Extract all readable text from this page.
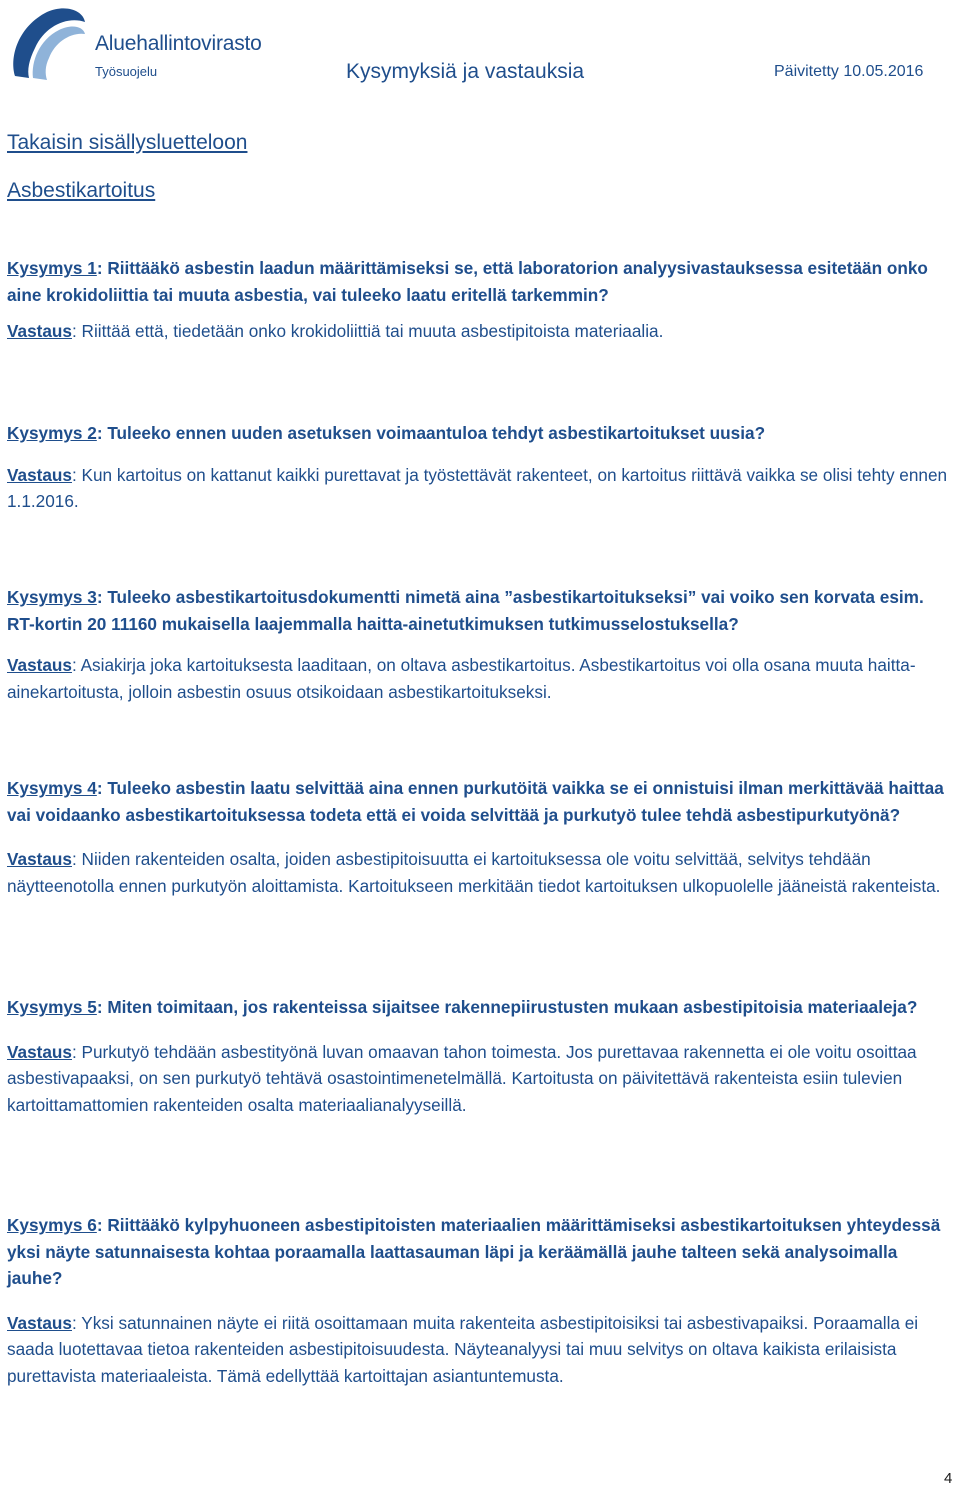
Aluehallintovirasto
Työsuojelu	Kysymyksiä ja vastauksia	Päivitetty 10.05.2016
Takaisin sisällysluetteloon
Asbestikartoitus

Kysymys 1: Riittääkö asbestin laadun määrittämiseksi se, että laboratorion analyysivastauksessa esitetään onko aine krokidoliittia tai muuta asbestia, vai tuleeko laatu eritellä tarkemmin?

Vastaus: Riittää että, tiedetään onko krokidoliittiä tai muuta asbestipitoista materiaalia.

Kysymys 2: Tuleeko ennen uuden asetuksen voimaantuloa tehdyt asbestikartoitukset uusia?

Vastaus: Kun kartoitus on kattanut kaikki purettavat ja työstettävät rakenteet, on kartoitus riittävä vaikka se olisi tehty ennen 1.1.2016.

Kysymys 3: Tuleeko asbestikartoitusdokumentti nimetä aina ”asbestikartoitukseksi” vai voiko sen korvata esim. RT-kortin 20 11160 mukaisella laajemmalla haitta-ainetutkimuksen tutkimusselostuksella?

Vastaus: Asiakirja joka kartoituksesta laaditaan, on oltava asbestikartoitus. Asbestikartoitus voi olla osana muuta haitta-ainekartoitusta, jolloin asbestin osuus otsikoidaan asbestikartoitukseksi.

Kysymys 4: Tuleeko asbestin laatu selvittää aina ennen purkutöitä vaikka se ei onnistuisi ilman merkittävää haittaa vai voidaanko asbestikartoituksessa todeta että ei voida selvittää ja purkutyö tulee tehdä asbestipurkutyönä?

Vastaus: Niiden rakenteiden osalta, joiden asbestipitoisuutta ei kartoituksessa ole voitu selvittää, selvitys tehdään näytteenotolla ennen purkutyön aloittamista. Kartoitukseen merkitään tiedot kartoituksen ulkopuolelle jääneistä rakenteista.

Kysymys 5: Miten toimitaan, jos rakenteissa sijaitsee rakennepiirustusten mukaan asbestipitoisia materiaaleja?

Vastaus: Purkutyö tehdään asbestityönä luvan omaavan tahon toimesta. Jos purettavaa rakennetta ei ole voitu osoittaa asbestivapaaksi, on sen purkutyö tehtävä osastointimenetelmällä. Kartoitusta on päivitettävä rakenteista esiin tulevien kartoittamattomien rakenteiden osalta materiaalianalyyseillä.

Kysymys 6: Riittääkö kylpyhuoneen asbestipitoisten materiaalien määrittämiseksi asbestikartoituksen yhteydessä yksi näyte satunnaisesta kohtaa poraamalla laattasauman läpi ja keräämällä jauhe talteen sekä analysoimalla jauhe?

Vastaus: Yksi satunnainen näyte ei riitä osoittamaan muita rakenteita asbestipitoisiksi tai asbestivapaiksi. Poraamalla ei saada luotettavaa tietoa rakenteiden asbestipitoisuudesta. Näyteanalyysi tai muu selvitys on oltava kaikista erilaisista purettavista materiaaleista. Tämä edellyttää kartoittajan asiantuntemusta.

4
